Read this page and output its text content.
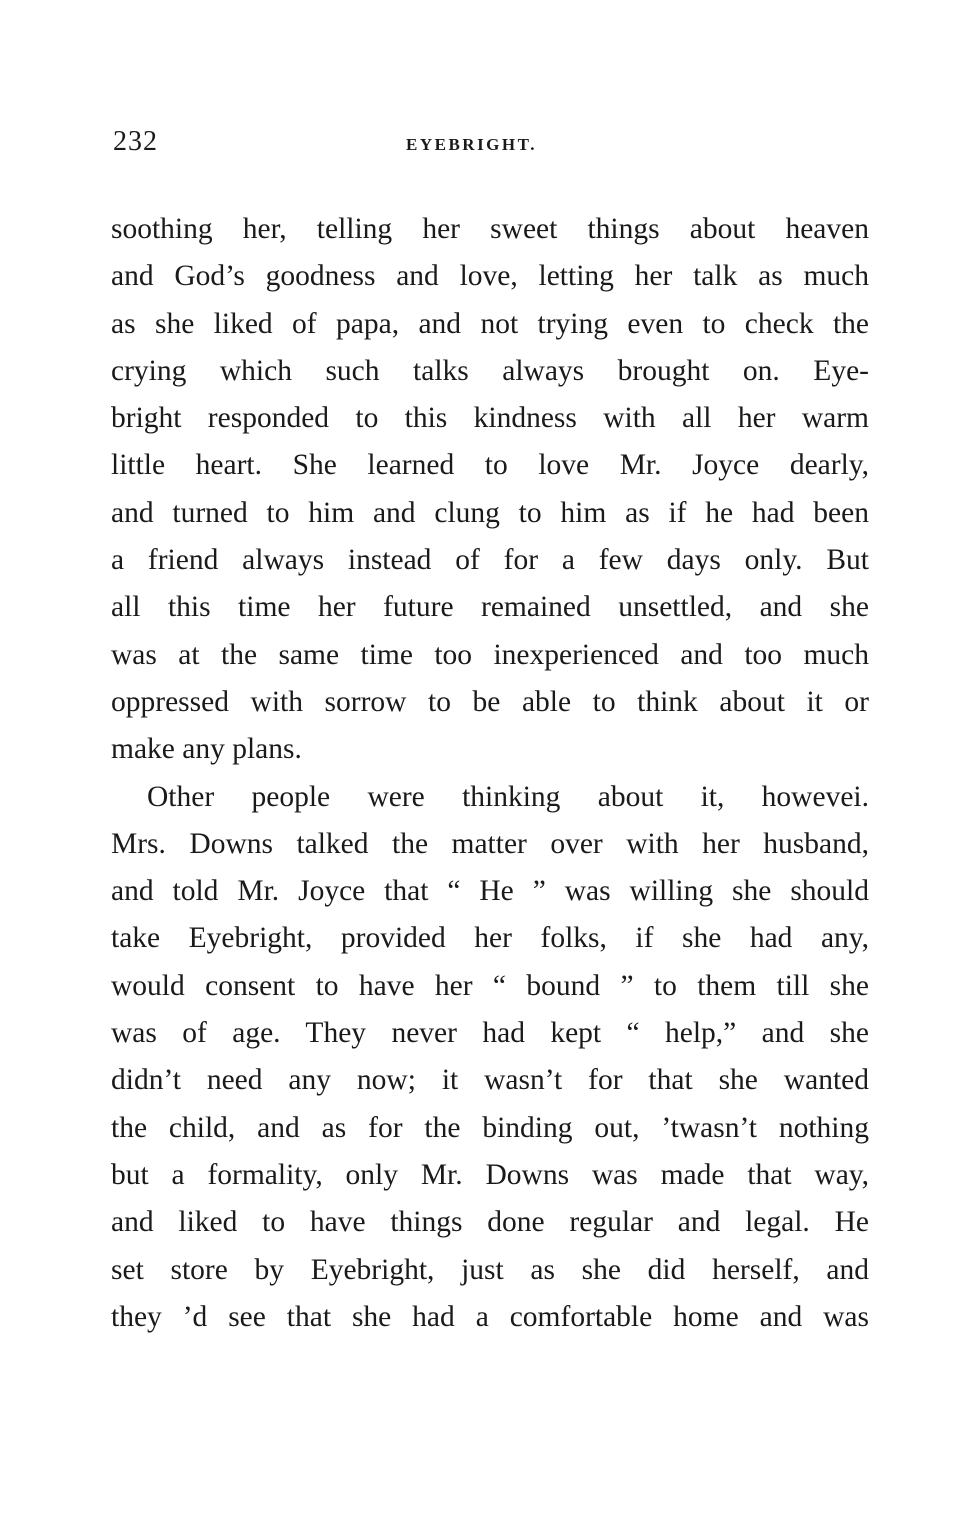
232	EYEBRIGHT.
soothing her, telling her sweet things about heaven
and God’s goodness and love, letting her talk as much
as she liked of papa, and not trying even to check the
crying which such talks always brought on. Eye-
bright responded to this kindness with all her warm
little heart. She learned to love Mr. Joyce dearly,
and turned to him and clung to him as if he had been
a friend always instead of for a few days only. But
all this time her future remained unsettled, and she
was at the same time too inexperienced and too much
oppressed with sorrow to be able to think about it or
make any plans.
Other people were thinking about it, howevei.
Mrs. Downs talked the matter over with her husband,
and told Mr. Joyce that “ He ” was willing she should
take Eyebright, provided her folks, if she had any,
would consent to have her “ bound ” to them till she
was of age. They never had kept “ help,” and she
didn’t need any now; it wasn’t for that she wanted
the child, and as for the binding out, ’twasn’t nothing
but a formality, only Mr. Downs was made that way,
and liked to have things done regular and legal. He
set store by Eyebright, just as she did herself, and
they ’d see that she had a comfortable home and was
